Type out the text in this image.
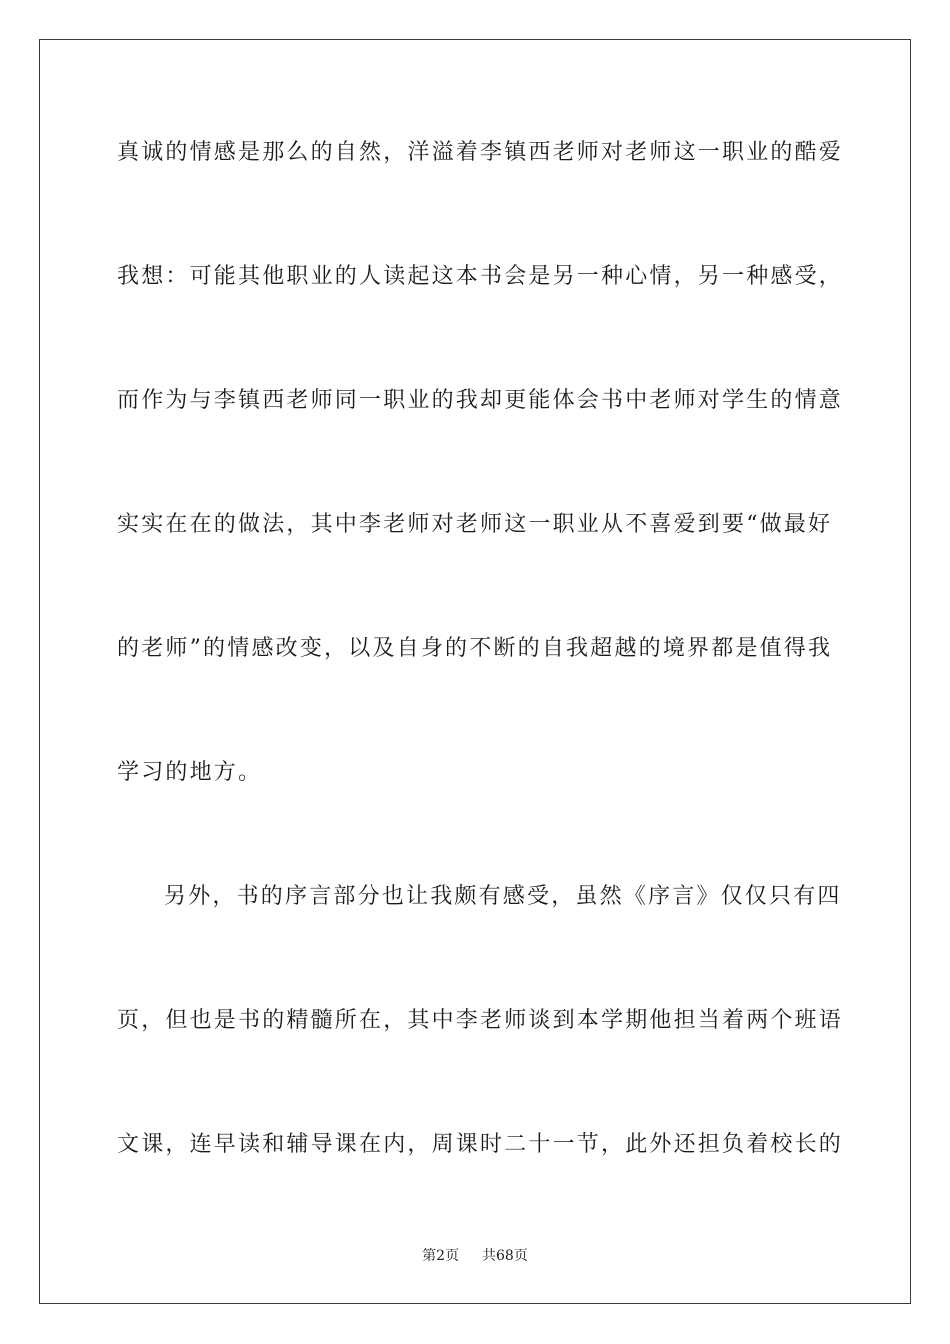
真诚的情感是那么的自然，洋溢着李镇西老师对老师这一职业的酷爱
我想：可能其他职业的人读起这本书会是另一种心情，另一种感受，
而作为与李镇西老师同一职业的我却更能体会书中老师对学生的情意
实实在在的做法，其中李老师对老师这一职业从不喜爱到要“做最好
的老师”的情感改变，以及自身的不断的自我超越的境界都是值得我
学习的地方。
另外，书的序言部分也让我颇有感受，虽然《序言》仅仅只有四
页，但也是书的精髓所在，其中李老师谈到本学期他担当着两个班语
文课，连早读和辅导课在内，周课时二十一节，此外还担负着校长的
第2页 共68页
